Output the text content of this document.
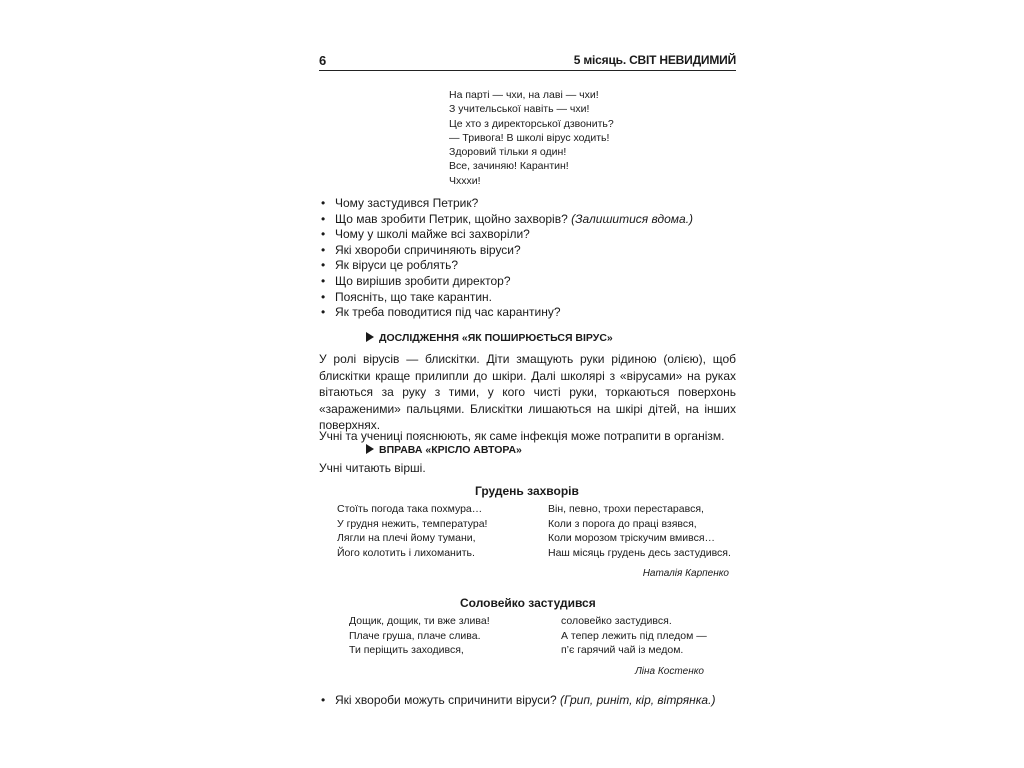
6	5 місяць. СВІТ НЕВИДИМИЙ
На парті — чхи, на лаві — чхи!
З учительської навіть — чхи!
Це хто з директорської дзвонить?
— Тривога! В школі вірус ходить!
Здоровий тільки я один!
Все, зачиняю! Карантин!
Чхххи!
• Чому застудився Петрик?
• Що мав зробити Петрик, щойно захворів? (Залишитися вдома.)
• Чому у школі майже всі захворіли?
• Які хвороби спричиняють віруси?
• Як віруси це роблять?
• Що вирішив зробити директор?
• Поясніть, що таке карантин.
• Як треба поводитися під час карантину?
ДОСЛІДЖЕННЯ «ЯК ПОШИРЮЄТЬСЯ ВІРУС»
У ролі вірусів — блискітки. Діти змащують руки рідиною (олією), щоб блискітки краще прилипли до шкіри. Далі школярі з «вірусами» на руках вітаються за руку з тими, у кого чисті руки, торкаються поверхонь «зараженими» пальцями. Блискітки лишаються на шкірі дітей, на інших поверхнях.
Учні та учениці пояснюють, як саме інфекція може потрапити в організм.
ВПРАВА «КРІСЛО АВТОРА»
Учні читають вірші.
Грудень захворів
Стоїть погода така похмура…
У грудня нежить, температура!
Лягли на плечі йому тумани,
Його колотить і лихоманить.
Він, певно, трохи перестарався,
Коли з порога до праці взявся,
Коли морозом тріскучим вмився…
Наш місяць грудень десь застудився.
Наталія Карпенко
Соловейко застудився
Дощик, дощик, ти вже злива!
Плаче груша, плаче слива.
Ти періщить заходився,
соловейко застудився.
А тепер лежить під пледом —
п’є гарячий чай із медом.
Ліна Костенко
• Які хвороби можуть спричинити віруси? (Грип, риніт, кір, вітрянка.)
